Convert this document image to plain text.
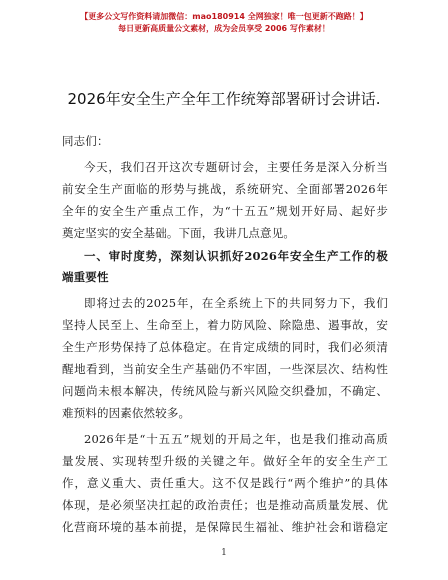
【更多公文写作资料请加微信：mao180914 全网独家！唯一包更新不跑路！】
每日更新高质量公文素材，成为会员享受 2006 写作素材！
2026年安全生产全年工作统筹部署研讨会讲话.
同志们：
今天，我们召开这次专题研讨会，主要任务是深入分析当
前安全生产面临的形势与挑战，系统研究、全面部署2026年
全年的安全生产重点工作，为“十五五”规划开好局、起好步
奠定坚实的安全基础。下面，我讲几点意见。
一、审时度势，深刻认识抓好2026年安全生产工作的极
端重要性
即将过去的2025年，在全系统上下的共同努力下，我们
坚持人民至上、生命至上，着力防风险、除隐患、遏事故，安
全生产形势保持了总体稳定。在肯定成绩的同时，我们必须清
醒地看到，当前安全生产基础仍不牢固，一些深层次、结构性
问题尚未根本解决，传统风险与新兴风险交织叠加，不确定、
难预料的因素依然较多。
2026年是“十五五”规划的开局之年，也是我们推动高质
量发展、实现转型升级的关键之年。做好全年的安全生产工
作，意义重大、责任重大。这不仅是践行“两个维护”的具体
体现，是必须坚决扛起的政治责任；也是推动高质量发展、优
化营商环境的基本前提，是保障民生福祉、维护社会和谐稳定
1
